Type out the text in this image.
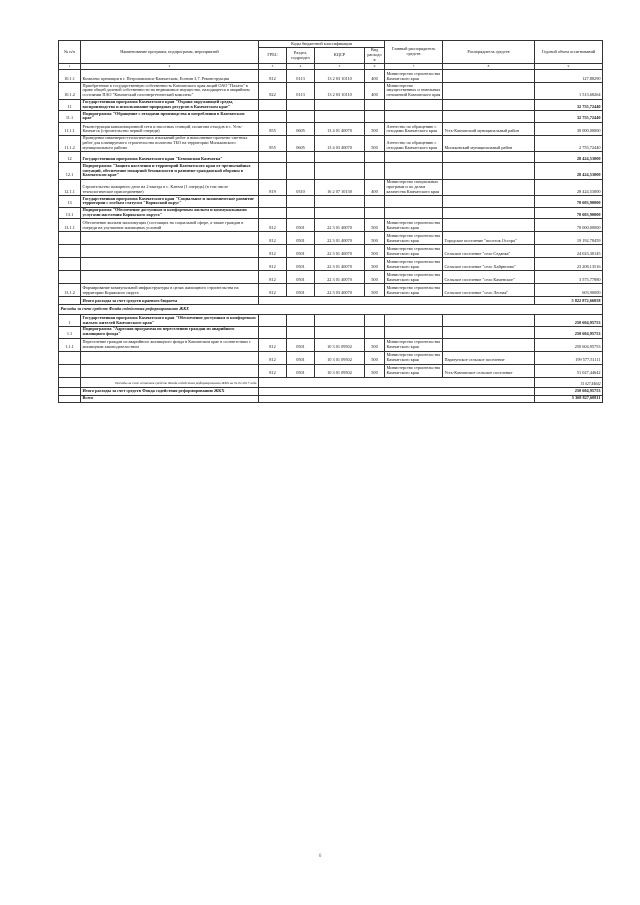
№ п/п	Наименование программ, подпрограмм, мероприятий	Коды бюджетной классификации				Главный распорядитель средств	Распорядитель средств	Годовой объем ассигнований
		ГРБС	Раздел, подраздел	КЦСР	Вид расходов			
1	2	3	4	5	6	7	8	9
10.1.1	Комплекс кремации в г. Петропавловск-Камчатском, Есенин 3,7. Реконструкция	812	0113	13 2 03 10110	400	Министерство строительства Камчатского края		127,88290
10.1.2	Приобретение в государственную собственность Камчатского края акций ОАО "Палата" в праве общей долевой собственности на недвижимое имущество, находящееся в аварийном состоянии ПАО "Камчатский газоэнергетический комплекс"	822	0113	13 2 03 10110	400	Министерство имущественных и земельных отношений Камчатского края		1 513,68264
11	Государственная программа Камчатского края "Охрана окружающей среды, воспроизводство и использование природных ресурсов в Камчатском крае"							32 755,72440
11.1	Подпрограмма "Обращение с отходами производства и потребления в Камчатском крае"							32 755,72440
11.1.1	Реконструкция канализационной сети и насосных станций, полигона отходов в с. Усть-Камчатск (строительство первой очереди)	855	0605	13 4 01 40070	500	Агентство по обращению с отходами Камчатского края	Усть-Камчатский муниципальный район	30 000,00000
11.1.2	Проведение инженерно-геологических изысканий работ и выполнение проектно-сметных работ для планируемого строительства полигона ТБО на территории Мильковского муниципального района	855	0605	13 4 03 40070	500	Агентство по обращению с отходами Камчатского края	Мильковский муниципальный район	2 755,72440
12	Государственная программа Камчатского края "Безопасная Камчатка"							28 424,53000
12.1	Подпрограмма "Защита населения и территорий Камчатского края от чрезвычайных ситуаций, обеспечение пожарной безопасности и развитие гражданской обороны в Камчатском крае"							28 424,53000
12.1.1	Строительство пожарного депо на 2 выезда в с. Ключи (1 очередь) (в том числе технологическое присоединение)	819	0310	16 2 07 10130	400	Министерство специальных программ и по делам казачества Камчатского края		28 424,53000
13	Государственная программа Камчатского края "Социальное и экономическое развитие территории с особым статусом "Корякский округ"							70 603,90000
13.1	Подпрограмма "Обеспечение доступным и комфортным жильем и коммунальными услугами населения Корякского округа"							70 603,90000
13.1.1	Обеспечение жильем малоимущих (состоящих на социальной сфере, а также граждан в очереди на улучшение жилищных условий	812	0501	22 3 01 40070	500	Министерство строительства Камчатского края		70 000,00000
		812	0501	22 3 01 40070	500	Министерство строительства Камчатского края	Городское поселение "поселок Оссора"	19 192,78459
		812	0501	22 3 01 40070	500	Министерство строительства Камчатского края	Сельское поселение "село Седанка"	24 023,30145
		812	0501	22 3 01 40070	500	Министерство строительства Камчатского края	Сельское поселение "село Хайрюзово"	23 208,13516
		812	0501	22 3 01 40070	500	Министерство строительства Камчатского края	Сельское поселение "село Каменское"	3 575,77880
13.1.2	Формирование коммунальной инфраструктуры в целях жилищного строительства на территории Корякского округа	812	0501	22 3 03 40070	500	Министерство строительства Камчатского края	Сельское поселение "село Лесная"	603,90000
	Итого расходы за счет средств краевого бюджета							5 822 872,66058
Расходы за счет средств Фонда содействия реформированию ЖКХ								
1	Государственная программа Камчатского края "Обеспечение доступным и комфортным жильем жителей Камчатского края"							250 604,95753
1.1	Подпрограмма "Адресная программа по переселению граждан из аварийного жилищного фонда"							250 604,95753
1.1.1	Переселение граждан из аварийного жилищного фонда в Камчатском крае в соответствии с жилищным законодательством	812	0501	10 3 01 09502	500	Министерство строительства Камчатского края		250 604,95753
		812	0501	10 3 01 09502	500	Министерство строительства Камчатского края	Паратунское сельское поселение	199 577,51111
		812	0501	10 3 01 09502	500	Министерство строительства Камчатского края	Усть-Камчатское сельское поселение	51 027,44642
	Расходы за счет остатков средств Фонда содействия реформированию ЖКХ на 01.01.2017 года							51 027,44642
	Итого расходы за счет средств Фонда содействия реформированию ЖКХ							250 604,95753
	Всего							5 368 827,60811
6
